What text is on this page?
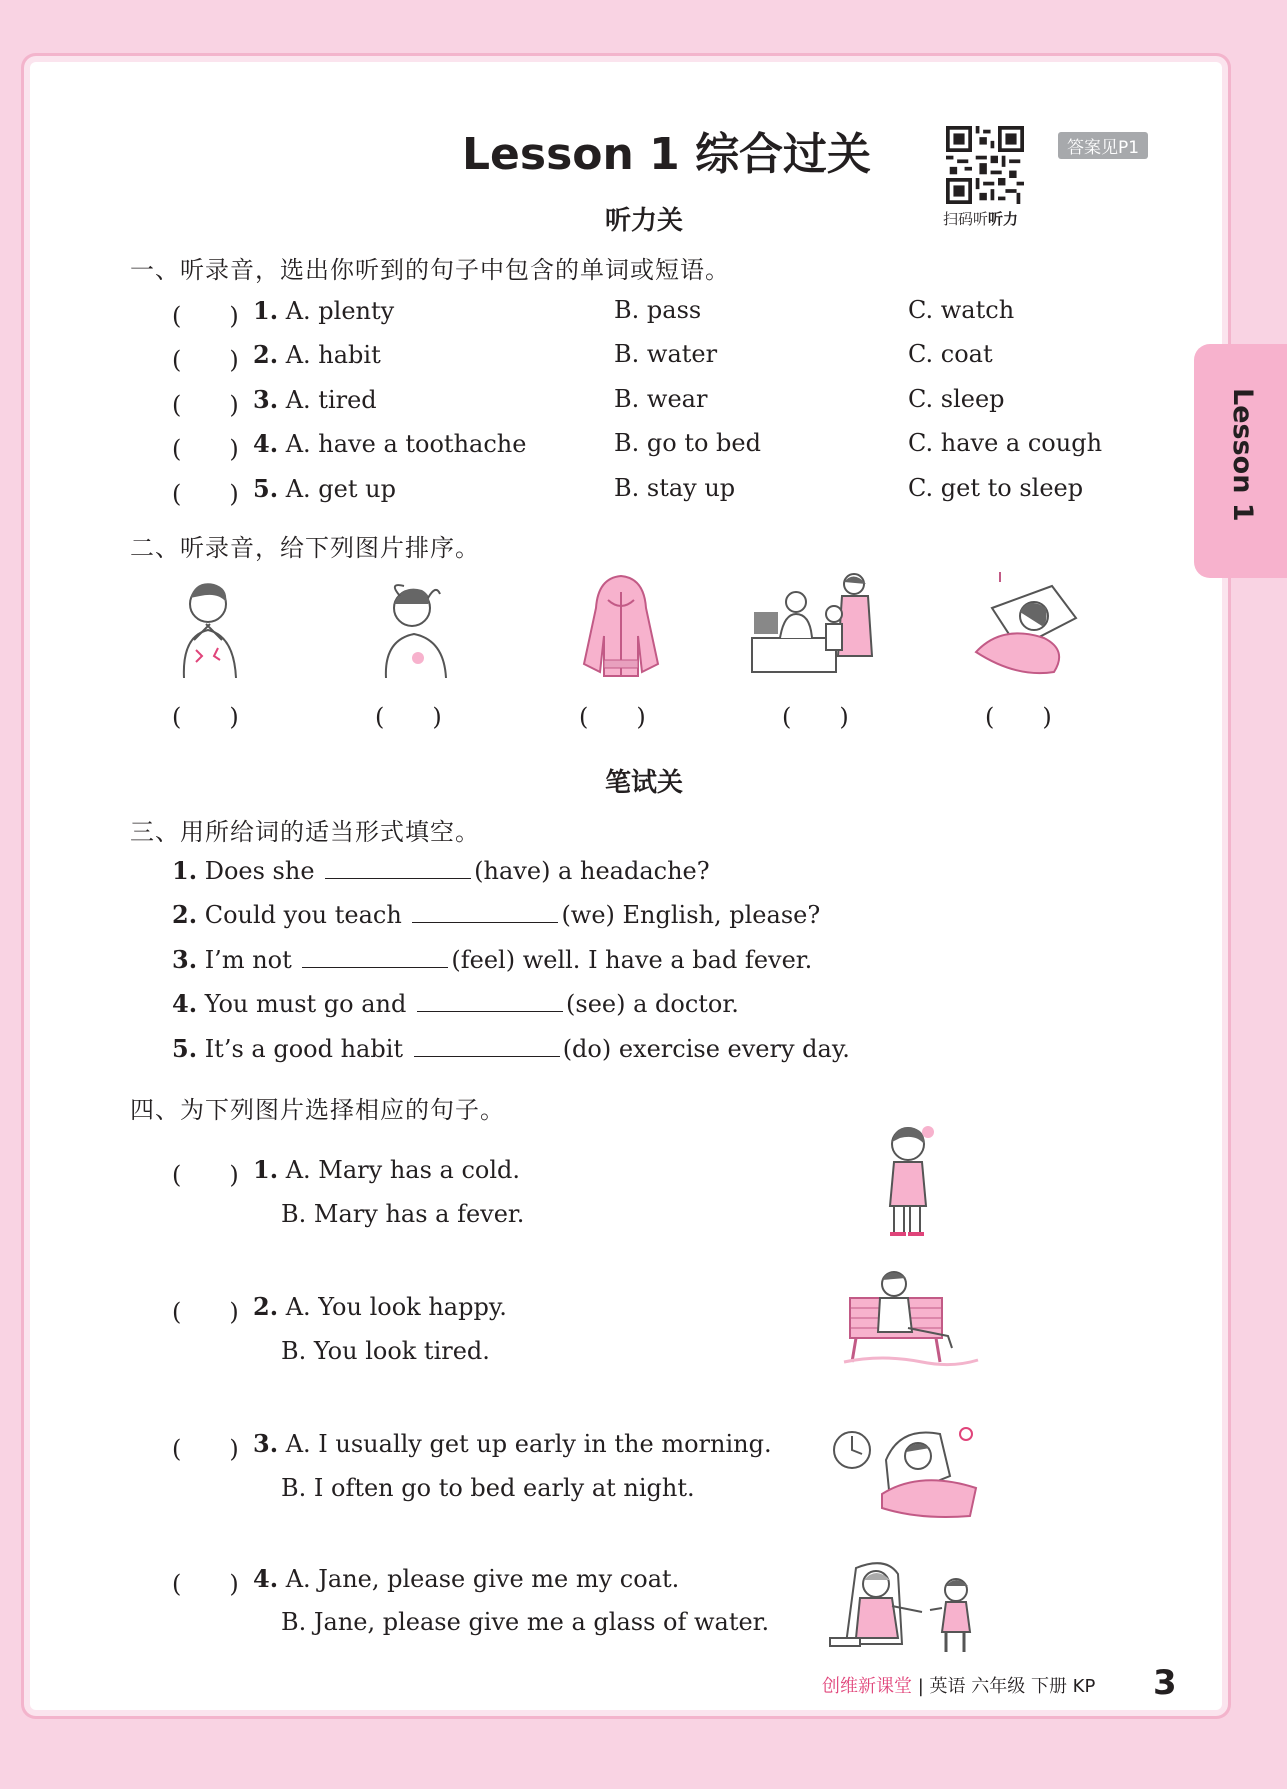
Lesson 1 综合过关
扫码听听力
答案见P1
Lesson 1
听力关
一、听录音，选出你听到的句子中包含的单词或短语。
(　　) 1. A. plenty	B. pass	C. watch
(　　) 2. A. habit	B. water	C. coat
(　　) 3. A. tired	B. wear	C. sleep
(　　) 4. A. have a toothache	B. go to bed	C. have a cough
(　　) 5. A. get up	B. stay up	C. get to sleep
二、听录音，给下列图片排序。
(　　)	(　　)	(　　)	(　　)	(　　)
笔试关
三、用所给词的适当形式填空。
1. Does she	(have) a headache?
2. Could you teach	(we) English, please?
3. I’m not	(feel) well. I have a bad fever.
4. You must go and	(see) a doctor.
5. It’s a good habit	(do) exercise every day.
四、为下列图片选择相应的句子。
(　　) 1. A. Mary has a cold.
B. Mary has a fever.
(　　) 2. A. You look happy.
B. You look tired.
(　　) 3. A. I usually get up early in the morning.
B. I often go to bed early at night.
(　　) 4. A. Jane, please give me my coat.
B. Jane, please give me a glass of water.
创维新课堂 | 英语 六年级 下册 KP 3
